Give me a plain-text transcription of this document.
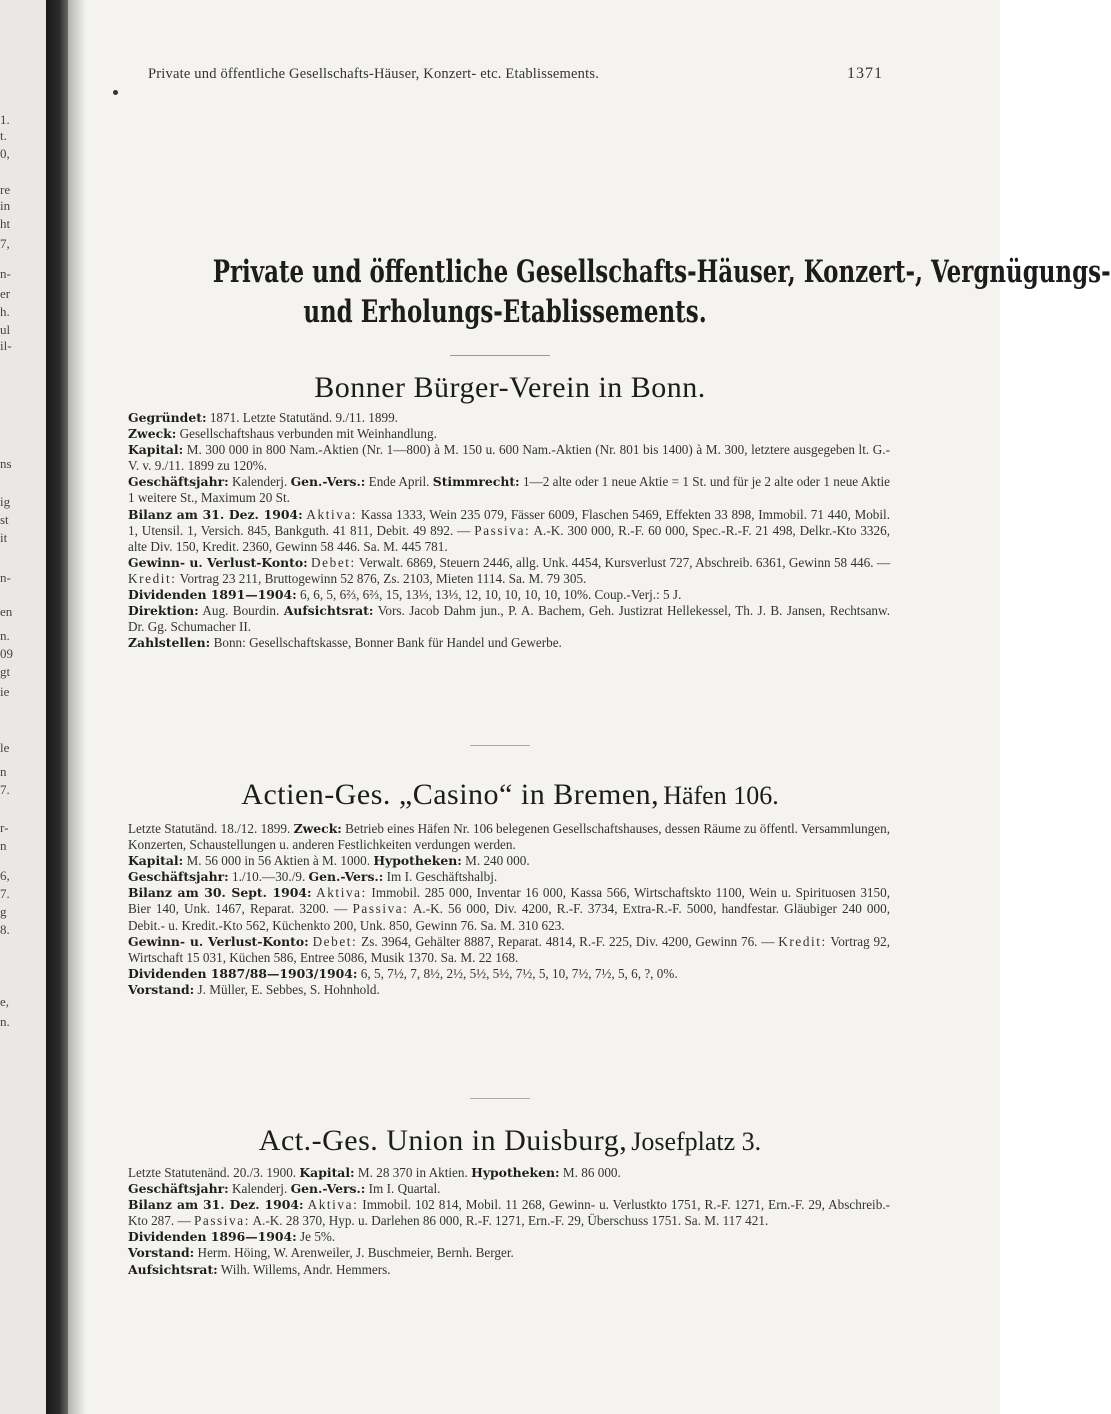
1.
t.
0,
re
in
ht
7,
n-
er
h.
ul
il-
ns
ig
st
it
n-
en
n.
09
gt
ie
le
n
7.
r-
n
6,
7.
g
8.
e,
n.
Private und öffentliche Gesellschafts-Häuser, Konzert- etc. Etablissements.	1371
Private und öffentliche Gesellschafts-Häuser, Konzert-, Vergnügungs-
und Erholungs-Etablissements.
Bonner Bürger-Verein in Bonn.

Gegründet: 1871. Letzte Statutänd. 9./11. 1899.

Zweck: Gesellschaftshaus verbunden mit Weinhandlung.

Kapital: M. 300 000 in 800 Nam.-Aktien (Nr. 1—800) à M. 150 u. 600 Nam.-Aktien (Nr. 801 bis 1400) à M. 300, letztere ausgegeben lt. G.-V. v. 9./11. 1899 zu 120%.

Geschäftsjahr: Kalenderj. Gen.-Vers.: Ende April. Stimmrecht: 1—2 alte oder 1 neue Aktie = 1 St. und für je 2 alte oder 1 neue Aktie 1 weitere St., Maximum 20 St.

Bilanz am 31. Dez. 1904: Aktiva: Kassa 1333, Wein 235 079, Fässer 6009, Flaschen 5469, Effekten 33 898, Immobil. 71 440, Mobil. 1, Utensil. 1, Versich. 845, Bankguth. 41 811, Debit. 49 892. — Passiva: A.-K. 300 000, R.-F. 60 000, Spec.-R.-F. 21 498, Delkr.-Kto 3326, alte Div. 150, Kredit. 2360, Gewinn 58 446. Sa. M. 445 781.

Gewinn- u. Verlust-Konto: Debet: Verwalt. 6869, Steuern 2446, allg. Unk. 4454, Kursverlust 727, Abschreib. 6361, Gewinn 58 446. — Kredit: Vortrag 23 211, Bruttogewinn 52 876, Zs. 2103, Mieten 1114. Sa. M. 79 305.

Dividenden 1891—1904: 6, 6, 5, 6⅔, 6⅔, 15, 13⅓, 13⅓, 12, 10, 10, 10, 10, 10%. Coup.-Verj.: 5 J.

Direktion: Aug. Bourdin. Aufsichtsrat: Vors. Jacob Dahm jun., P. A. Bachem, Geh. Justizrat Hellekessel, Th. J. B. Jansen, Rechtsanw. Dr. Gg. Schumacher II.

Zahlstellen: Bonn: Gesellschaftskasse, Bonner Bank für Handel und Gewerbe.

Actien-Ges. „Casino“ in Bremen, Häfen 106.

Letzte Statutänd. 18./12. 1899. Zweck: Betrieb eines Häfen Nr. 106 belegenen Gesellschaftshauses, dessen Räume zu öffentl. Versammlungen, Konzerten, Schaustellungen u. anderen Festlichkeiten verdungen werden.

Kapital: M. 56 000 in 56 Aktien à M. 1000. Hypotheken: M. 240 000.

Geschäftsjahr: 1./10.—30./9. Gen.-Vers.: Im I. Geschäftshalbj.

Bilanz am 30. Sept. 1904: Aktiva: Immobil. 285 000, Inventar 16 000, Kassa 566, Wirtschaftskto 1100, Wein u. Spirituosen 3150, Bier 140, Unk. 1467, Reparat. 3200. — Passiva: A.-K. 56 000, Div. 4200, R.-F. 3734, Extra-R.-F. 5000, handfestar. Gläubiger 240 000, Debit.- u. Kredit.-Kto 562, Küchenkto 200, Unk. 850, Gewinn 76. Sa. M. 310 623.

Gewinn- u. Verlust-Konto: Debet: Zs. 3964, Gehälter 8887, Reparat. 4814, R.-F. 225, Div. 4200, Gewinn 76. — Kredit: Vortrag 92, Wirtschaft 15 031, Küchen 586, Entree 5086, Musik 1370. Sa. M. 22 168.

Dividenden 1887/88—1903/1904: 6, 5, 7½, 7, 8½, 2½, 5½, 5½, 7½, 5, 10, 7½, 7½, 5, 6, ?, 0%.

Vorstand: J. Müller, E. Sebbes, S. Hohnhold.

Act.-Ges. Union in Duisburg, Josefplatz 3.

Letzte Statutenänd. 20./3. 1900. Kapital: M. 28 370 in Aktien. Hypotheken: M. 86 000.

Geschäftsjahr: Kalenderj. Gen.-Vers.: Im I. Quartal.

Bilanz am 31. Dez. 1904: Aktiva: Immobil. 102 814, Mobil. 11 268, Gewinn- u. Verlustkto 1751, R.-F. 1271, Ern.-F. 29, Abschreib.-Kto 287. — Passiva: A.-K. 28 370, Hyp. u. Darlehen 86 000, R.-F. 1271, Ern.-F. 29, Überschuss 1751. Sa. M. 117 421.

Dividenden 1896—1904: Je 5%.

Vorstand: Herm. Höing, W. Arenweiler, J. Buschmeier, Bernh. Berger.

Aufsichtsrat: Wilh. Willems, Andr. Hemmers.
